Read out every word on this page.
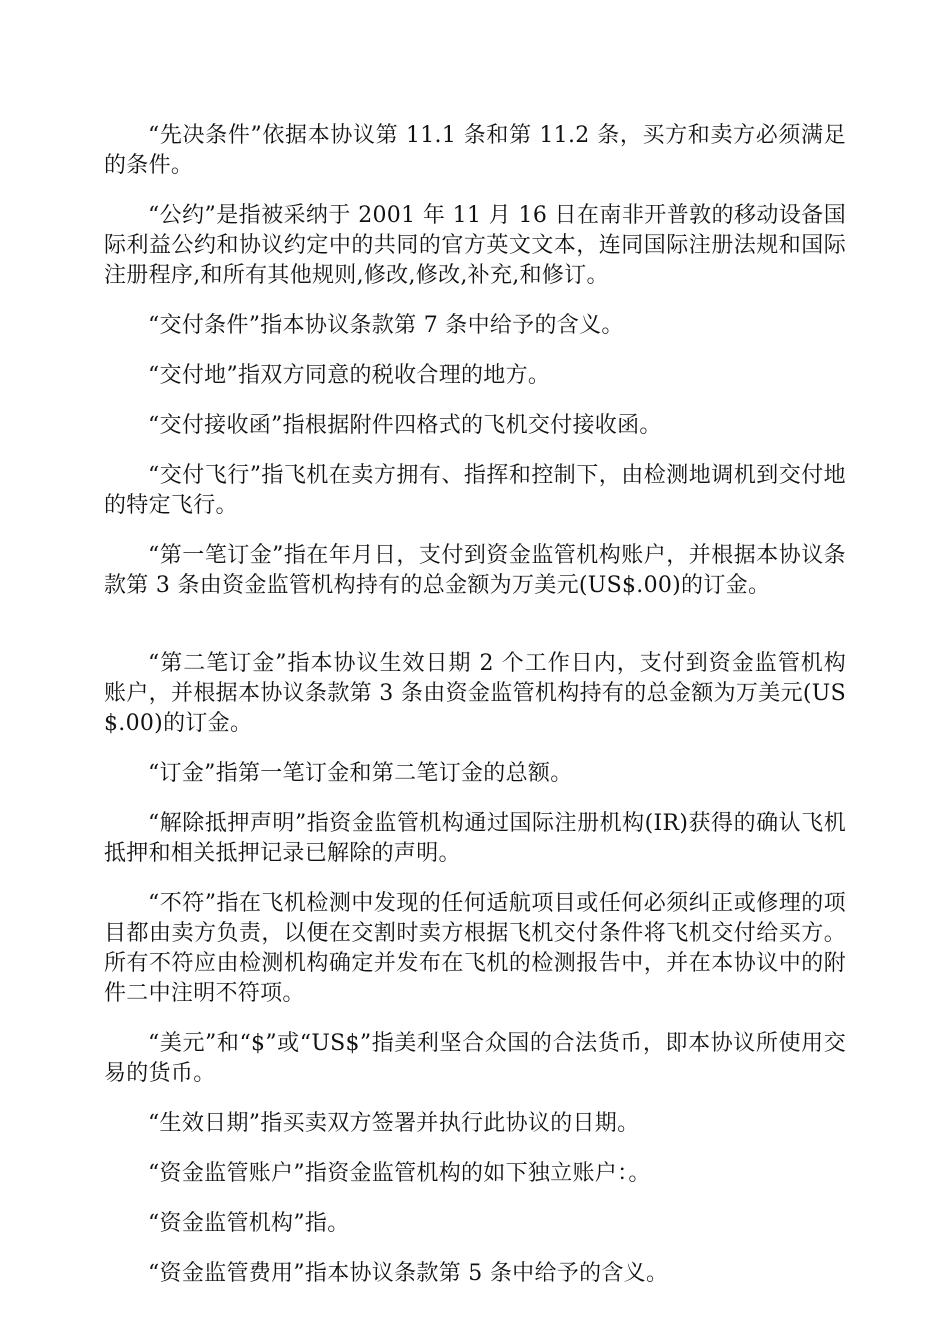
“先决条件”依据本协议第 11.1 条和第 11.2 条，买方和卖方必须满足的条件。

“公约”是指被采纳于 2001 年 11 月 16 日在南非开普敦的移动设备国际利益公约和协议约定中的共同的官方英文文本，连同国际注册法规和国际注册程序,和所有其他规则,修改,修改,补充,和修订。

“交付条件”指本协议条款第 7 条中给予的含义。

“交付地”指双方同意的税收合理的地方。

“交付接收函”指根据附件四格式的飞机交付接收函。

“交付飞行”指飞机在卖方拥有、指挥和控制下，由检测地调机到交付地的特定飞行。

“第一笔订金”指在年月日，支付到资金监管机构账户，并根据本协议条款第 3 条由资金监管机构持有的总金额为万美元(US$.00)的订金。

“第二笔订金”指本协议生效日期 2 个工作日内，支付到资金监管机构账户，并根据本协议条款第 3 条由资金监管机构持有的总金额为万美元(US$.00)的订金。

“订金”指第一笔订金和第二笔订金的总额。

“解除抵押声明”指资金监管机构通过国际注册机构(IR)获得的确认飞机抵押和相关抵押记录已解除的声明。

“不符”指在飞机检测中发现的任何适航项目或任何必须纠正或修理的项目都由卖方负责，以便在交割时卖方根据飞机交付条件将飞机交付给买方。所有不符应由检测机构确定并发布在飞机的检测报告中，并在本协议中的附件二中注明不符项。

“美元”和“$”或“US$”指美利坚合众国的合法货币，即本协议所使用交易的货币。

“生效日期”指买卖双方签署并执行此协议的日期。

“资金监管账户”指资金监管机构的如下独立账户：。

“资金监管机构”指。

“资金监管费用”指本协议条款第 5 条中给予的含义。
